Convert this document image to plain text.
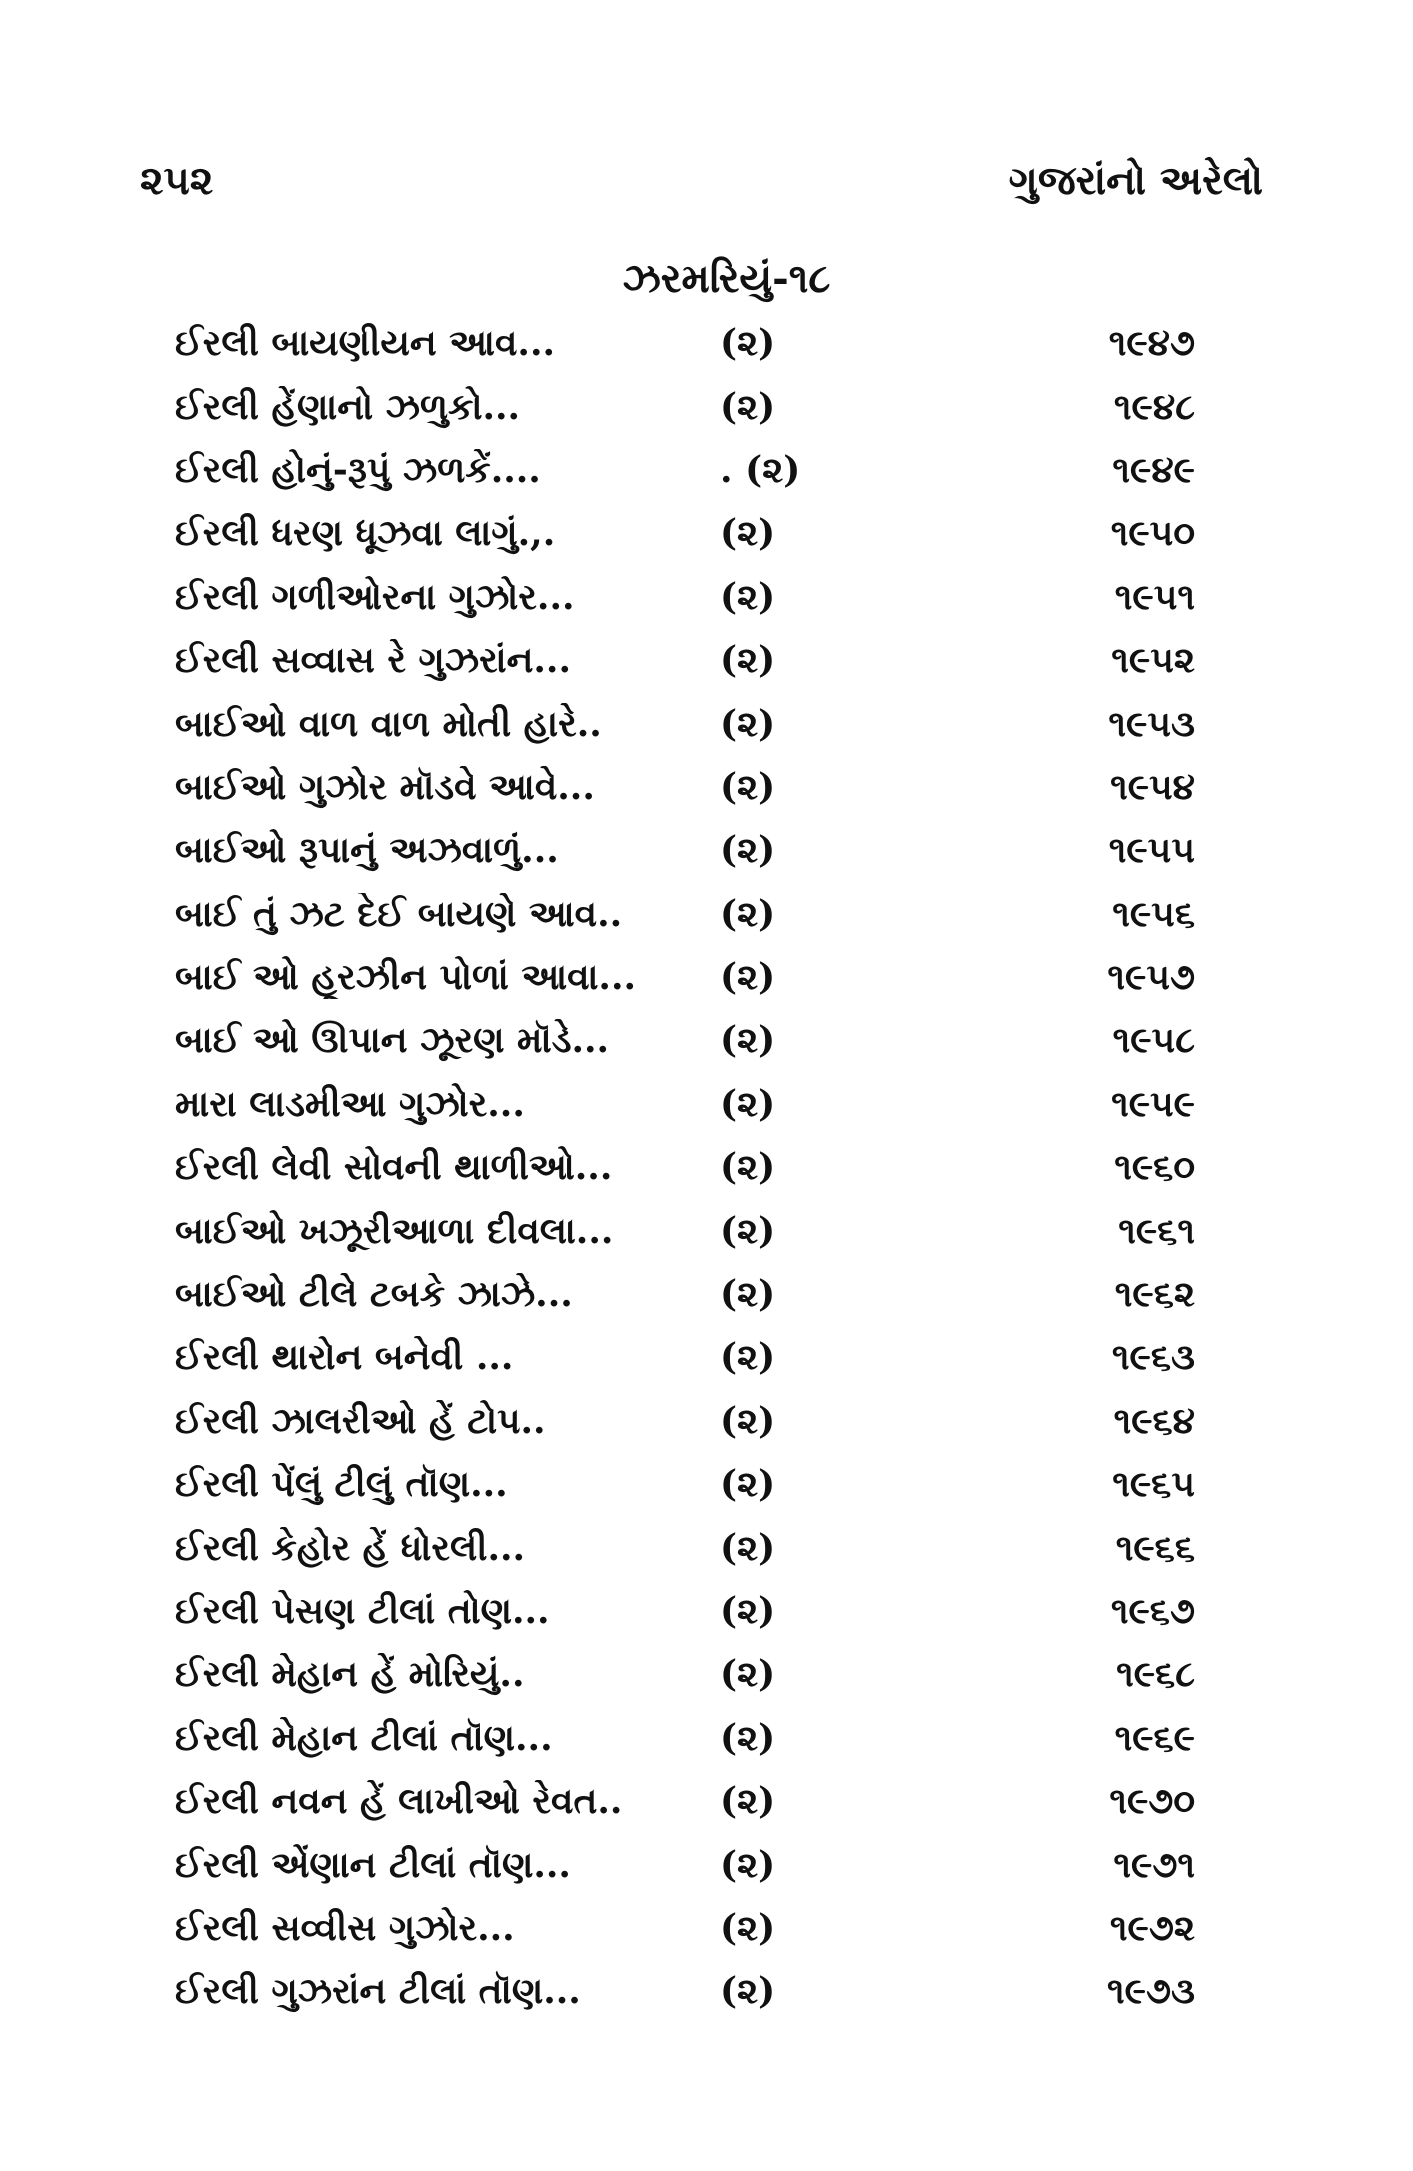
૨૫૨	ગુજરાંનો અરેલો
ઝરમરિયું-૧૮
ઈરલી બાયણીયન આવ...	(૨)	૧૯૪૭
ઈરલી હેંણાનો ઝળુકો...	(૨)	૧૯૪૮
ઈરલી હોનું-રૂપું ઝળકેં....	. (૨)	૧૯૪૯
ઈરલી ધરણ ધૂઝવા લાગું.,.	(૨)	૧૯૫૦
ઈરલી ગળીઓરના ગુઝોર...	(૨)	૧૯૫૧
ઈરલી સવ્વાસ રે ગુઝરાંન...	(૨)	૧૯૫૨
બાઈઓ વાળ વાળ મોતી હારે..	(૨)	૧૯૫૩
બાઈઓ ગુઝોર મૉડવે આવે...	(૨)	૧૯૫૪
બાઈઓ રૂપાનું અઝવાળું...	(૨)	૧૯૫૫
બાઈ તું ઝટ દેઈ બાયણે આવ..	(૨)	૧૯૫૬
બાઈ ઓ હૂરઝીન પોળાં આવા...	(૨)	૧૯૫૭
બાઈ ઓ ઊપાન ઝૂરણ મૉડે...	(૨)	૧૯૫૮
મારા લાડમીઆ ગુઝોર...	(૨)	૧૯૫૯
ઈરલી લેવી સોવની થાળીઓ...	(૨)	૧૯૬૦
બાઈઓ ખઝૂરીઆળા દીવલા...	(૨)	૧૯૬૧
બાઈઓ ટીલે ટબકે ઝાઝે...	(૨)	૧૯૬૨
ઈરલી થારોન બનેવી ...	(૨)	૧૯૬૩
ઈરલી ઝાલરીઓ હેં ટોપ..	(૨)	૧૯૬૪
ઈરલી પેંલું ટીલું તૉણ...	(૨)	૧૯૬૫
ઈરલી કેહોર હેં ધોરલી...	(૨)	૧૯૬૬
ઈરલી પેસણ ટીલાં તોણ...	(૨)	૧૯૬૭
ઈરલી મેહાન હેં મોરિયું..	(૨)	૧૯૬૮
ઈરલી મેહાન ટીલાં તૉણ...	(૨)	૧૯૬૯
ઈરલી નવન હેં લાખીઓ રેવત..	(૨)	૧૯૭૦
ઈરલી એંણાન ટીલાં તૉણ...	(૨)	૧૯૭૧
ઈરલી સવ્વીસ ગુઝોર...	(૨)	૧૯૭૨
ઈરલી ગુઝરાંન ટીલાં તૉણ...	(૨)	૧૯૭૩
